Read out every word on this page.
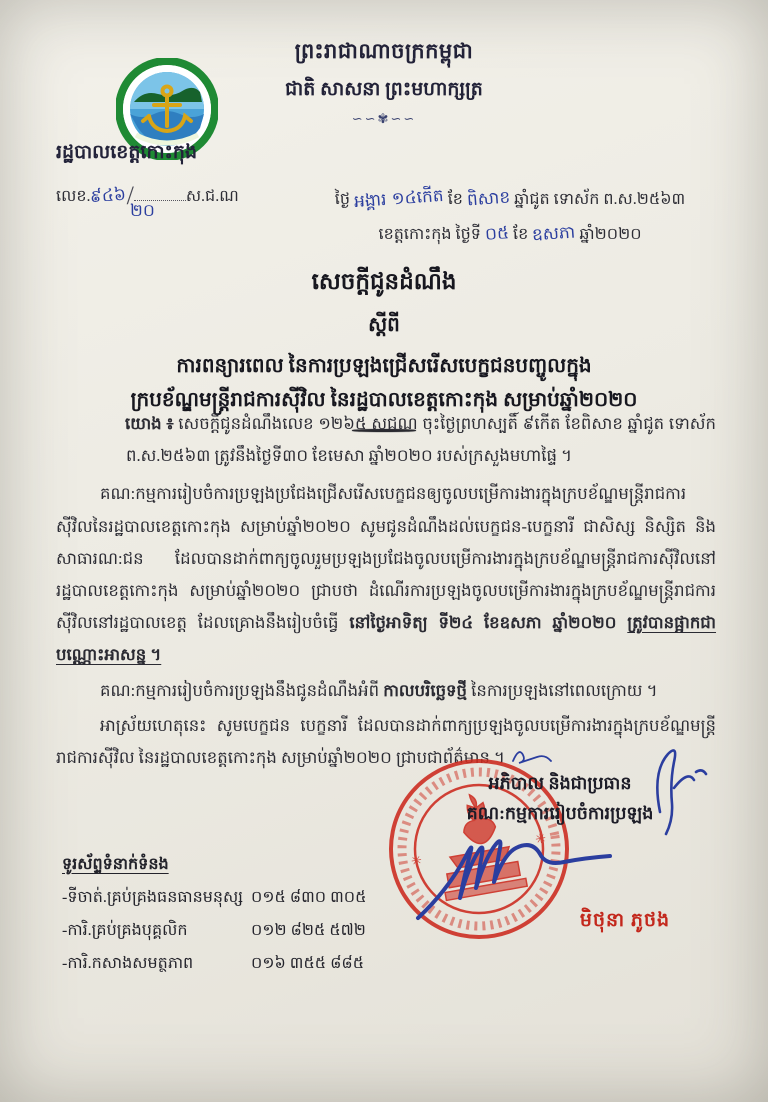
ព្រះរាជាណាចក្រកម្ពុជា
ជាតិ សាសនា ព្រះមហាក្សត្រ
∽∽✾∽∽
រដ្ឋបាលខេត្តកោះកុង
លេខ.៩៤៦/	ស.ជ.ណ
២០
ថ្ងៃ អង្គារ ១៤កើត ខែ ពិសាខ ឆ្នាំជូត ទោស័ក ព.ស.២៥៦៣
ខេត្តកោះកុង ថ្ងៃទី ០៥ ខែ ឧសភា ឆ្នាំ២០២០
សេចក្តីជូនដំណឹង
ស្តីពី
ការពន្យារពេល នៃការប្រឡងជ្រើសរើសបេក្ខជនបញ្ចូលក្នុង
ក្របខ័ណ្ឌមន្ត្រីរាជការស៊ីវិល នៃរដ្ឋបាលខេត្តកោះកុង សម្រាប់ឆ្នាំ២០២០

យោង ៖ សេចក្តីជូនដំណឹងលេខ ១២៦៥ សជណ ចុះថ្ងៃព្រហស្បតិ៍ ៩កើត ខែពិសាខ ឆ្នាំជូត ទោស័ក ព.ស.២៥៦៣ ត្រូវនឹងថ្ងៃទី៣០ ខែមេសា ឆ្នាំ២០២០ របស់ក្រសួងមហាផ្ទៃ ។

គណ:កម្មការរៀបចំការប្រឡងប្រជែងជ្រើសរើសបេក្ខជនឲ្យចូលបម្រើការងារក្នុងក្របខ័ណ្ឌមន្ត្រីរាជការស៊ីវិលនៃរដ្ឋបាលខេត្តកោះកុង សម្រាប់ឆ្នាំ២០២០ សូមជូនដំណឹងដល់បេក្ខជន-បេក្ខនារី ជាសិស្ស និស្សិត និងសាធារណ:ជន ដែលបានដាក់ពាក្យចូលរួមប្រឡងប្រជែងចូលបម្រើការងារក្នុងក្របខ័ណ្ឌមន្ត្រីរាជការស៊ីវិលនៅរដ្ឋបាលខេត្តកោះកុង សម្រាប់ឆ្នាំ២០២០ ជ្រាបថា ដំណើរការប្រឡងចូលបម្រើការងារក្នុងក្របខ័ណ្ឌមន្ត្រីរាជការស៊ីវិលនៅរដ្ឋបាលខេត្ត ដែលគ្រោងនឹងរៀបចំធ្វើ នៅថ្ងៃអាទិត្យ ទី២៤ ខែឧសភា ឆ្នាំ២០២០ ត្រូវបានផ្អាកជាបណ្ណោះអាសន្ន ។

គណ:កម្មការរៀបចំការប្រឡងនឹងជូនដំណឹងអំពី កាលបរិច្ឆេទថ្មី នៃការប្រឡងនៅពេលក្រោយ ។

អាស្រ័យហេតុនេះ សូមបេក្ខជន បេក្ខនារី ដែលបានដាក់ពាក្យប្រឡងចូលបម្រើការងារក្នុងក្របខ័ណ្ឌមន្ត្រីរាជការស៊ីវិល នៃរដ្ឋបាលខេត្តកោះកុង សម្រាប់ឆ្នាំ២០២០ ជ្រាបជាព័ត៌មាន ។

✳
✳
អភិបាល និងជាប្រធាន
គណ:កម្មការរៀបចំការប្រឡង
មិថុនា ភូថង
ទូរស័ព្ទទំនាក់ទំនង
-ទីចាត់.គ្រប់គ្រងធនធានមនុស្ស ០១៥ ៨៣០ ៣០៥
-ការិ.គ្រប់គ្រងបុគ្គលិក	០១២ ៨២៥ ៥៧២
-ការិ.កសាងសមត្ថភាព	០១៦ ៣៥៥ ៨៨៥
